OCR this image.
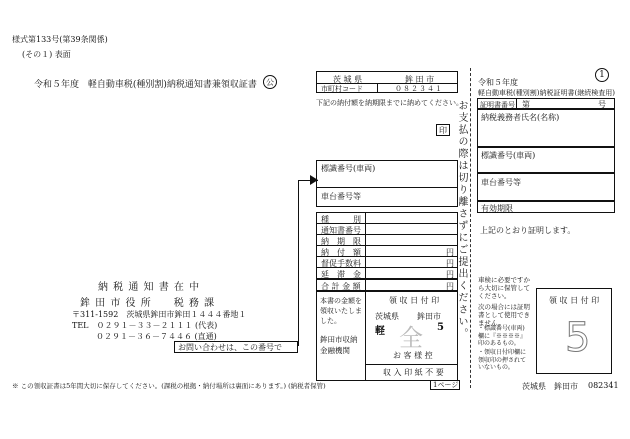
様式第133号(第39条関係)
(その１) 表面
令和５年度 軽自動車税(種別割)納税通知書兼領収証書	公
納 税 通 知 書 在 中
鉾 田 市 役 所　　税 務 課
〒311-1592　茨城県鉾田市鉾田１４４４番地１
TEL　０２９１－３３－２１１１ (代表)
　　　０２９１－３６－７４４６ (直通)
お問い合わせは、この番号で
※ この領収証書は5年間大切に保存してください。(課税の根拠・納付場所は裏面にあります。) (納税者保管)
茨 城 県	鉾 田 市
市町村コード	０８２３４１
下記の納付額を納期限までに納めてください。
印 お支払の際は切り離さずにご提出ください。
標識番号(車両)
車台番号等
種　　　別
通知書番号
納　期　限
納　付　額	円
督促手数料	円
延　滞　金	円
合 計 金 額	円
本書の金額を領収いたしました。
鉾田市収納金融機関
領 収 日 付 印
茨城県 鉾田市
軽 全 5
お 客 様 控
収 入 印 紙 不 要
1ページ
令和５年度
1
軽自動車税(種別割)納税証明書(継続検査用)
証明書番号 第	号
納税義務者氏名(名称)
標識番号(車両)
車台番号等
有効期限
上記のとおり証明します。
車検に必要ですから大切に保管してください。
次の場合には証明書として使用できません。
・標識番号(車両)欄に『※※※※』印のあるもの。
・領収日付印欄に領収印の押されていないもの。
領 収 日 付 印
5
茨城県 鉾田市 082341
